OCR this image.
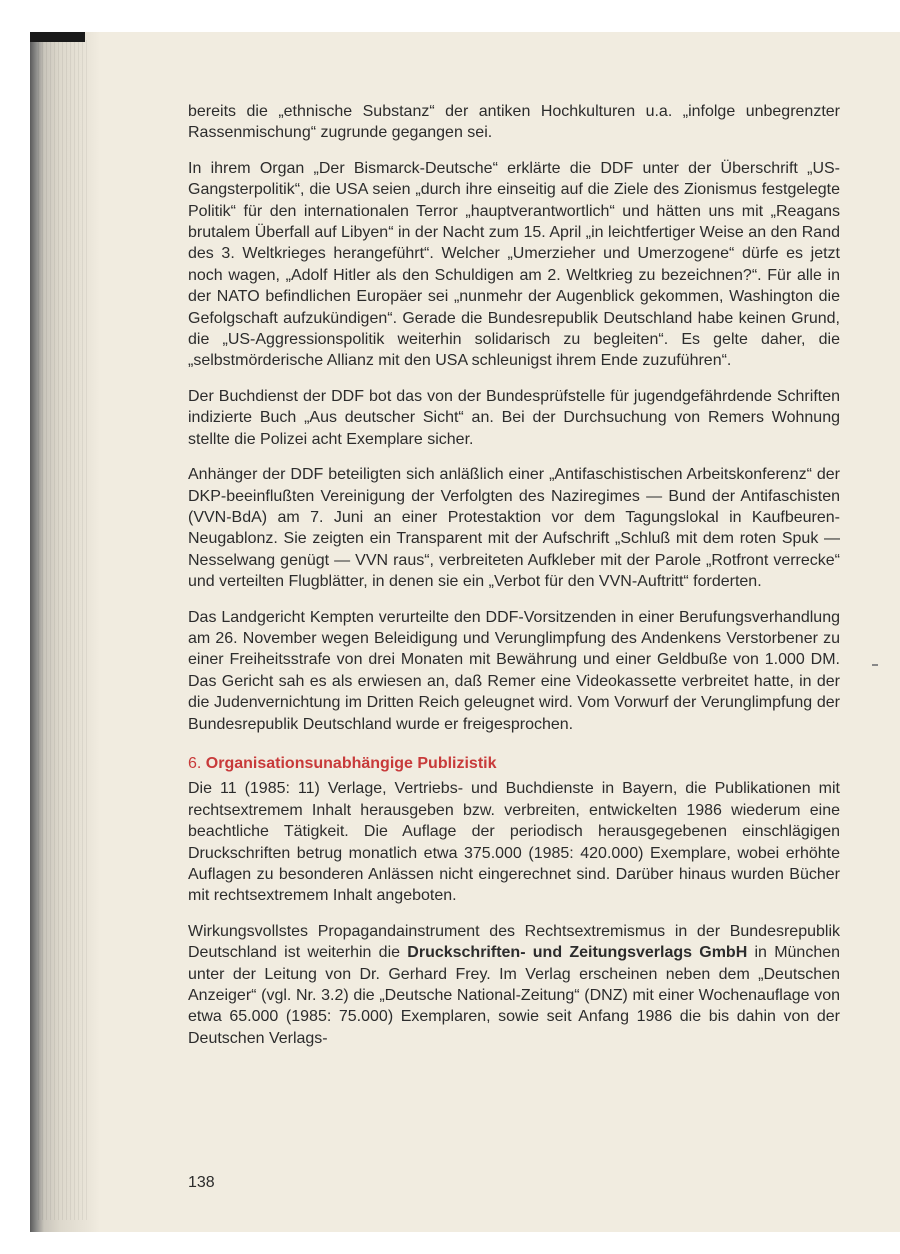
bereits die „ethnische Substanz“ der antiken Hochkulturen u.a. „infolge unbegrenzter Rassenmischung“ zugrunde gegangen sei.

In ihrem Organ „Der Bismarck-Deutsche“ erklärte die DDF unter der Überschrift „US-Gangsterpolitik“, die USA seien „durch ihre einseitig auf die Ziele des Zionismus festgelegte Politik“ für den internationalen Terror „hauptverantwortlich“ und hätten uns mit „Reagans brutalem Überfall auf Libyen“ in der Nacht zum 15. April „in leichtfertiger Weise an den Rand des 3. Weltkrieges herangeführt“. Welcher „Umerzieher und Umerzogene“ dürfe es jetzt noch wagen, „Adolf Hitler als den Schuldigen am 2. Weltkrieg zu bezeichnen?“. Für alle in der NATO befindlichen Europäer sei „nunmehr der Augenblick gekommen, Washington die Gefolgschaft aufzukündigen“. Gerade die Bundesrepublik Deutschland habe keinen Grund, die „US-Aggressionspolitik weiterhin solidarisch zu begleiten“. Es gelte daher, die „selbstmörderische Allianz mit den USA schleunigst ihrem Ende zuzuführen“.

Der Buchdienst der DDF bot das von der Bundesprüfstelle für jugendgefährdende Schriften indizierte Buch „Aus deutscher Sicht“ an. Bei der Durchsuchung von Remers Wohnung stellte die Polizei acht Exemplare sicher.

Anhänger der DDF beteiligten sich anläßlich einer „Antifaschistischen Arbeitskonferenz“ der DKP-beeinflußten Vereinigung der Verfolgten des Naziregimes — Bund der Antifaschisten (VVN-BdA) am 7. Juni an einer Protestaktion vor dem Tagungslokal in Kaufbeuren-Neugablonz. Sie zeigten ein Transparent mit der Aufschrift „Schluß mit dem roten Spuk — Nesselwang genügt — VVN raus“, verbreiteten Aufkleber mit der Parole „Rotfront verrecke“ und verteilten Flugblätter, in denen sie ein „Verbot für den VVN-Auftritt“ forderten.

Das Landgericht Kempten verurteilte den DDF-Vorsitzenden in einer Berufungsverhandlung am 26. November wegen Beleidigung und Verunglimpfung des Andenkens Verstorbener zu einer Freiheitsstrafe von drei Monaten mit Bewährung und einer Geldbuße von 1.000 DM. Das Gericht sah es als erwiesen an, daß Remer eine Videokassette verbreitet hatte, in der die Judenvernichtung im Dritten Reich geleugnet wird. Vom Vorwurf der Verunglimpfung der Bundesrepublik Deutschland wurde er freigesprochen.

6. Organisationsunabhängige Publizistik

Die 11 (1985: 11) Verlage, Vertriebs- und Buchdienste in Bayern, die Publikationen mit rechtsextremem Inhalt herausgeben bzw. verbreiten, entwickelten 1986 wiederum eine beachtliche Tätigkeit. Die Auflage der periodisch herausgegebenen einschlägigen Druckschriften betrug monatlich etwa 375.000 (1985: 420.000) Exemplare, wobei erhöhte Auflagen zu besonderen Anlässen nicht eingerechnet sind. Darüber hinaus wurden Bücher mit rechtsextremem Inhalt angeboten.

Wirkungsvollstes Propagandainstrument des Rechtsextremismus in der Bundesrepublik Deutschland ist weiterhin die Druckschriften- und Zeitungsverlags GmbH in München unter der Leitung von Dr. Gerhard Frey. Im Verlag erscheinen neben dem „Deutschen Anzeiger“ (vgl. Nr. 3.2) die „Deutsche National-Zeitung“ (DNZ) mit einer Wochenauflage von etwa 65.000 (1985: 75.000) Exemplaren, sowie seit Anfang 1986 die bis dahin von der Deutschen Verlags-

138
